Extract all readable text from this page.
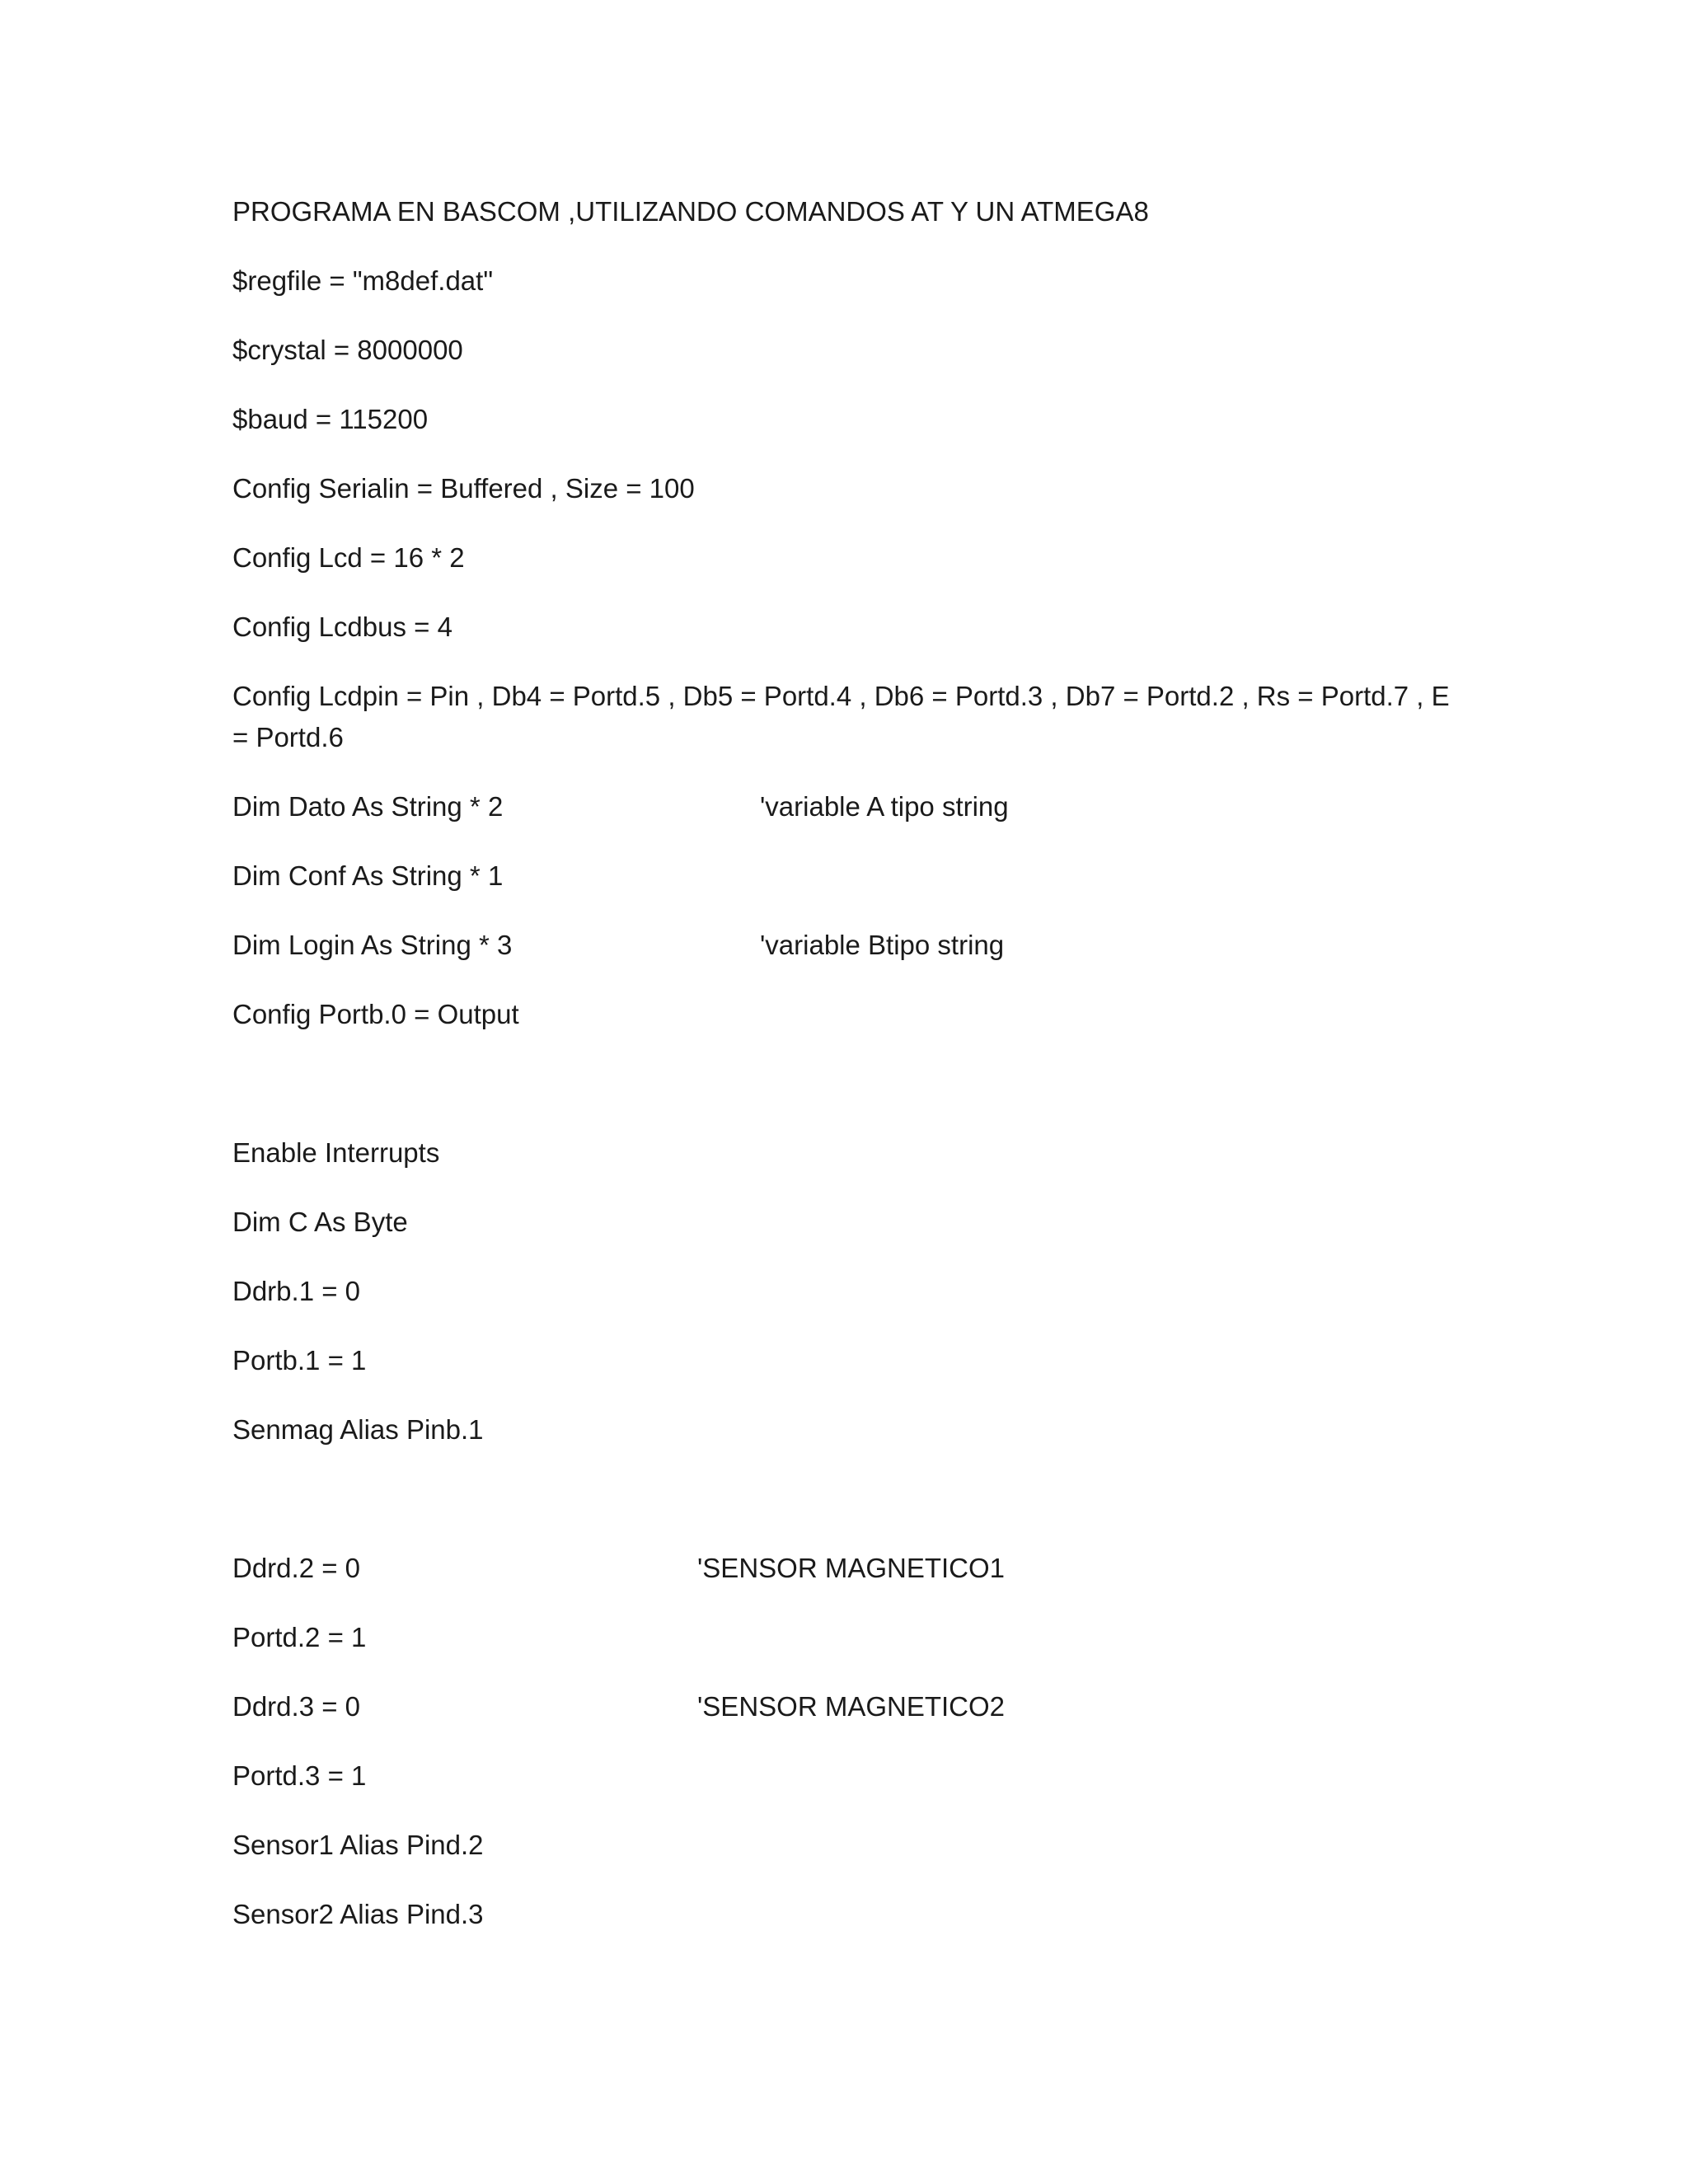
PROGRAMA EN BASCOM ,UTILIZANDO COMANDOS AT Y UN ATMEGA8
$regfile = "m8def.dat"
$crystal = 8000000
$baud = 115200
Config Serialin = Buffered , Size = 100
Config Lcd = 16 * 2
Config Lcdbus = 4
Config Lcdpin = Pin , Db4 = Portd.5 , Db5 = Portd.4 , Db6 = Portd.3 , Db7 = Portd.2 , Rs = Portd.7 , E = Portd.6
Dim Dato As String * 2	'variable A tipo string
Dim Conf As String * 1
Dim Login As String * 3	'variable Btipo string
Config Portb.0 = Output
Enable Interrupts
Dim C As Byte
Ddrb.1 = 0
Portb.1 = 1
Senmag Alias Pinb.1
Ddrd.2 = 0	'SENSOR MAGNETICO1
Portd.2 = 1
Ddrd.3 = 0	'SENSOR MAGNETICO2
Portd.3 = 1
Sensor1 Alias Pind.2
Sensor2 Alias Pind.3
